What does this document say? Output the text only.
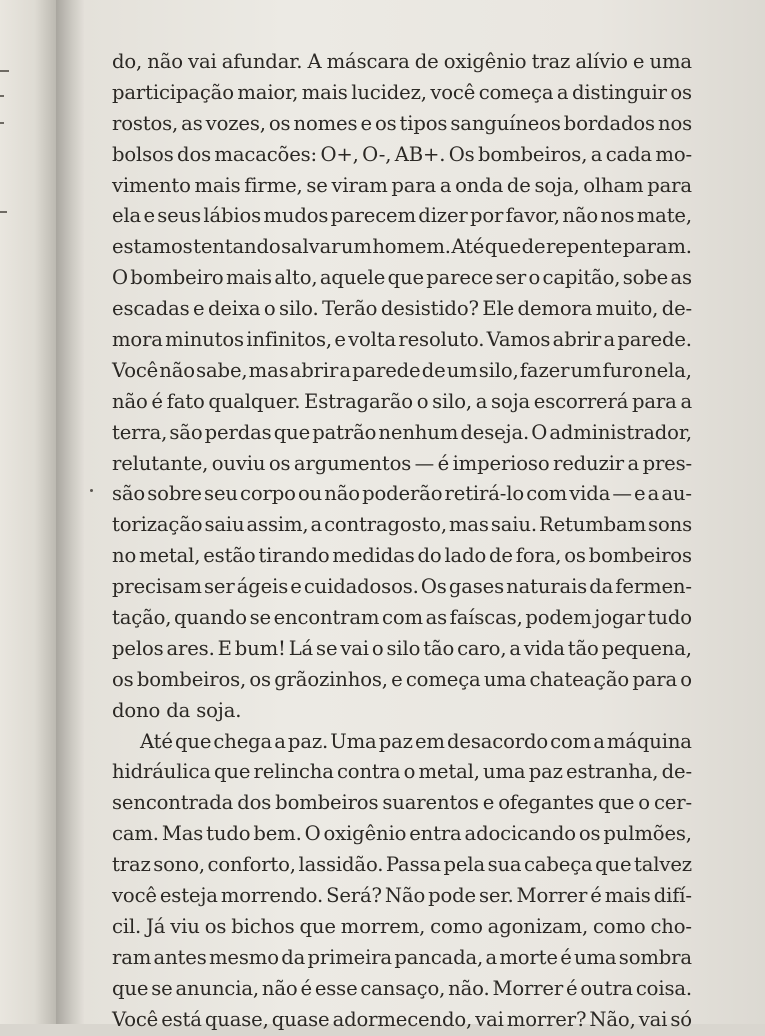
do, não vai afundar. A máscara de oxigênio traz alívio e uma
participação maior, mais lucidez, você começa a distinguir os
rostos, as vozes, os nomes e os tipos sanguíneos bordados nos
bolsos dos macacões: O+, O-, AB+. Os bombeiros, a cada mo-
vimento mais firme, se viram para a onda de soja, olham para
ela e seus lábios mudos parecem dizer por favor, não nos mate,
estamos tentando salvar um homem. Até que de repente param.
O bombeiro mais alto, aquele que parece ser o capitão, sobe as
escadas e deixa o silo. Terão desistido? Ele demora muito, de-
mora minutos infinitos, e volta resoluto. Vamos abrir a parede.
Você não sabe, mas abrir a parede de um silo, fazer um furo nela,
não é fato qualquer. Estragarão o silo, a soja escorrerá para a
terra, são perdas que patrão nenhum deseja. O administrador,
relutante, ouviu os argumentos — é imperioso reduzir a pres-
são sobre seu corpo ou não poderão retirá-lo com vida — e a au-
torização saiu assim, a contragosto, mas saiu. Retumbam sons
no metal, estão tirando medidas do lado de fora, os bombeiros
precisam ser ágeis e cuidadosos. Os gases naturais da fermen-
tação, quando se encontram com as faíscas, podem jogar tudo
pelos ares. E bum! Lá se vai o silo tão caro, a vida tão pequena,
os bombeiros, os grãozinhos, e começa uma chateação para o
dono da soja.
Até que chega a paz. Uma paz em desacordo com a máquina
hidráulica que relincha contra o metal, uma paz estranha, de-
sencontrada dos bombeiros suarentos e ofegantes que o cer-
cam. Mas tudo bem. O oxigênio entra adocicando os pulmões,
traz sono, conforto, lassidão. Passa pela sua cabeça que talvez
você esteja morrendo. Será? Não pode ser. Morrer é mais difí-
cil. Já viu os bichos que morrem, como agonizam, como cho-
ram antes mesmo da primeira pancada, a morte é uma sombra
que se anuncia, não é esse cansaço, não. Morrer é outra coisa.
Você está quase, quase adormecendo, vai morrer? Não, vai só
